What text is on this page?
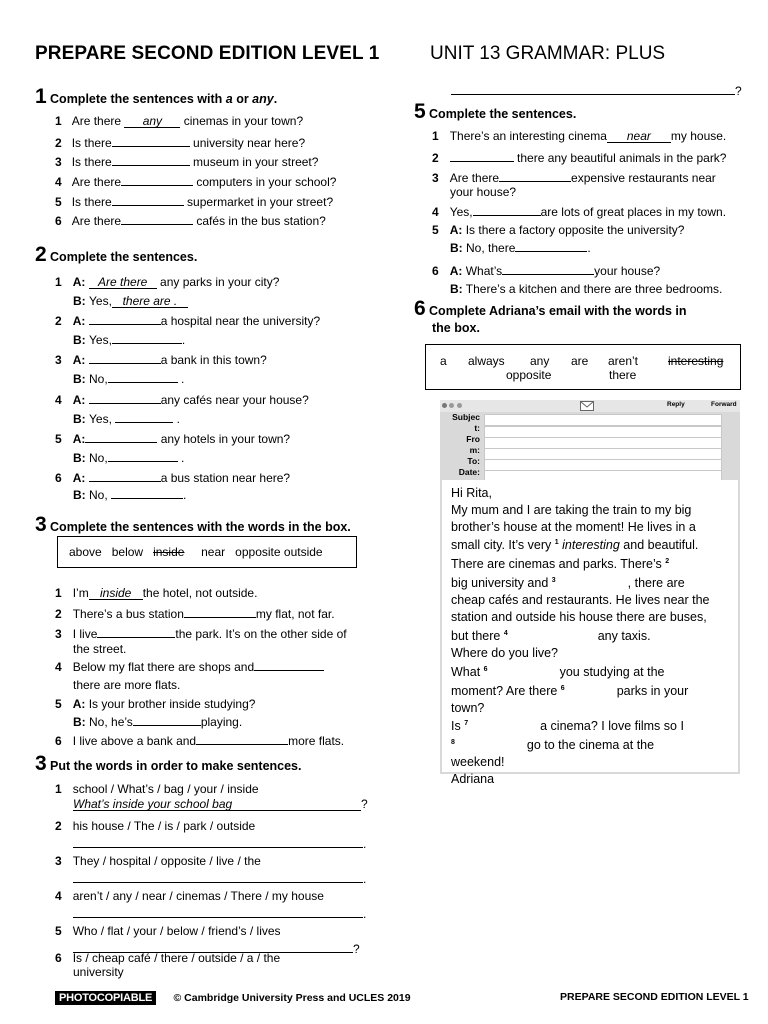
PREPARE SECOND EDITION LEVEL 1	UNIT 13 GRAMMAR: PLUS
1 Complete the sentences with a or any.
1 Are there any cinemas in your town?
2 Is there	university near here?
3 Is there	museum in your street?
4 Are there	computers in your school?
5 Is there	supermarket in your street?
6 Are there	cafés in the bus station?
2 Complete the sentences.
1 A: Are there any parks in your city?
B: Yes, there are .
2 A:	a hospital near the university?
B: Yes,	.
3 A:	a bank in this town?
B: No,	.
4 A:	any cafés near your house?
B: Yes,	.
5 A:	any hotels in your town?
B: No,	.
6 A:	a bus station near here?
B: No,	.
3 Complete the sentences with the words in the box.
above below inside near opposite outside
1 I’m inside the hotel, not outside.
2 There’s a bus station	my flat, not far.
3 I live	the park. It’s on the other side of
the street.
4 Below my flat there are shops and
there are more flats.
5 A: Is your brother inside studying?
B: No, he’s	playing.
6 I live above a bank and	more flats.
3 Put the words in order to make sentences.
1 school / What’s / bag / your / inside
What’s inside your school bag	?
2 his house / The / is / park / outside
.
3 They / hospital / opposite / live / the
.
4 aren’t / any / near / cinemas / There / my house
.
5 Who / flat / your / below / friend’s / lives
?
6 Is / cheap café / there / outside / a / the
university
?
5 Complete the sentences.
1 There’s an interesting cinema near my house.
2	there any beautiful animals in the park?
3 Are there	expensive restaurants near
your house?
4 Yes,	are lots of great places in my town.
5 A: Is there a factory opposite the university?
B: No, there	.
6 A: What’s	your house?
B: There’s a kitchen and there are three bedrooms.
6 Complete Adriana’s email with the words in
the box.
a always any are aren’t interesting
opposite	there
Reply	Forward
Subjec
t:
Fro
m:
To:
Date:
Hi Rita,
My mum and I are taking the train to my big
brother’s house at the moment! He lives in a
small city. It’s very $^1$ interesting and beautiful.
There are cinemas and parks. There’s $^2$
big university and $^3$	, there are
cheap cafés and restaurants. He lives near the
station and outside his house there are buses,
but there $^4$	any taxis.
Where do you live?
What $^6$	you studying at the
moment? Are there $^6$	parks in your
town?
Is $^7$	a cinema? I love films so I
$^8$	go to the cinema at the
weekend!
Adriana
PHOTOCOPIABLE © Cambridge University Press and UCLES 2019	PREPARE SECOND EDITION LEVEL 1
